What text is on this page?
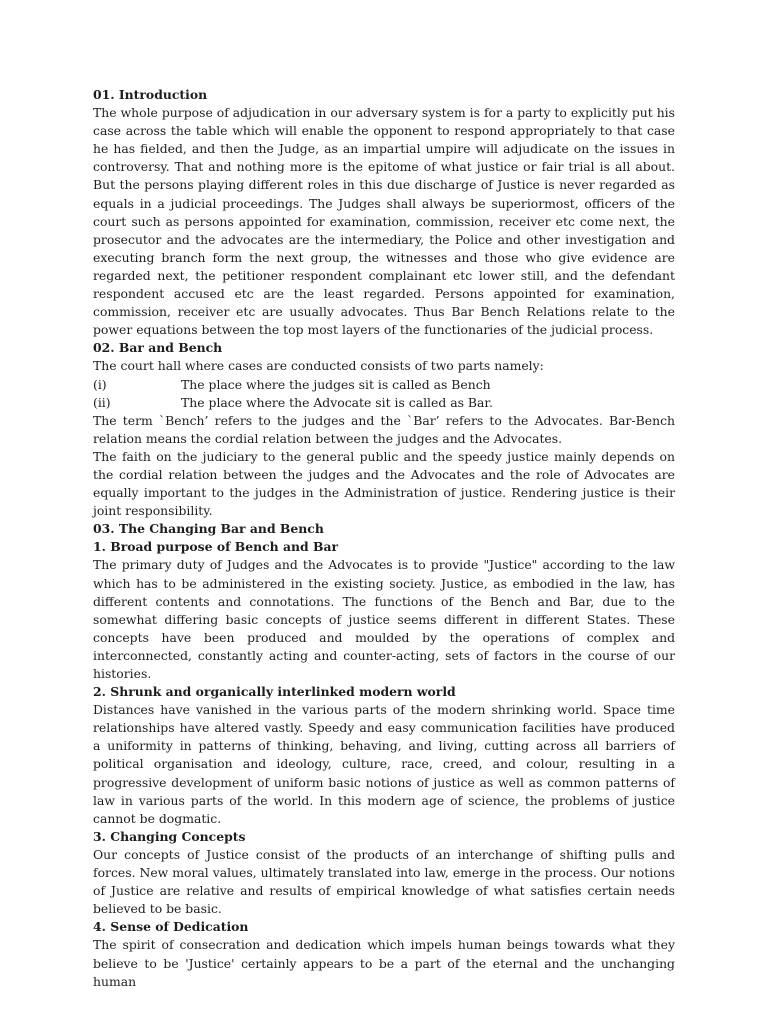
01. Introduction

The whole purpose of adjudication in our adversary system is for a party to explicitly put his case across the table which will enable the opponent to respond appropriately to that case he has fielded, and then the Judge, as an impartial umpire will adjudicate on the issues in controversy. That and nothing more is the epitome of what justice or fair trial is all about. But the persons playing different roles in this due discharge of Justice is never regarded as equals in a judicial proceedings. The Judges shall always be superiormost, officers of the court such as persons appointed for examination, commission, receiver etc come next, the prosecutor and the advocates are the intermediary, the Police and other investigation and executing branch form the next group, the witnesses and those who give evidence are regarded next, the petitioner respondent complainant etc lower still, and the defendant respondent accused etc are the least regarded. Persons appointed for examination, commission, receiver etc are usually advocates. Thus Bar Bench Relations relate to the power equations between the top most layers of the functionaries of the judicial process.

02. Bar and Bench

The court hall where cases are conducted consists of two parts namely:

(i)	The place where the judges sit is called as Bench
(ii)	The place where the Advocate sit is called as Bar.

The term `Bench’ refers to the judges and the `Bar’ refers to the Advocates. Bar-Bench relation means the cordial relation between the judges and the Advocates.

The faith on the judiciary to the general public and the speedy justice mainly depends on the cordial relation between the judges and the Advocates and the role of Advocates are equally important to the judges in the Administration of justice. Rendering justice is their joint responsibility.

03. The Changing Bar and Bench

1. Broad purpose of Bench and Bar

The primary duty of Judges and the Advocates is to provide "Justice" according to the law which has to be administered in the existing society. Justice, as embodied in the law, has different contents and connotations. The functions of the Bench and Bar, due to the somewhat differing basic concepts of justice seems different in different States. These concepts have been produced and moulded by the operations of complex and interconnected, constantly acting and counter-acting, sets of factors in the course of our histories.

2. Shrunk and organically interlinked modern world

Distances have vanished in the various parts of the modern shrinking world. Space time relationships have altered vastly. Speedy and easy communication facilities have produced a uniformity in patterns of thinking, behaving, and living, cutting across all barriers of political organisation and ideology, culture, race, creed, and colour, resulting in a progressive development of uniform basic notions of justice as well as common patterns of law in various parts of the world. In this modern age of science, the problems of justice cannot be dogmatic.

3. Changing Concepts

Our concepts of Justice consist of the products of an interchange of shifting pulls and forces. New moral values, ultimately translated into law, emerge in the process. Our notions of Justice are relative and results of empirical knowledge of what satisfies certain needs believed to be basic.

4. Sense of Dedication

The spirit of consecration and dedication which impels human beings towards what they believe to be 'Justice' certainly appears to be a part of the eternal and the unchanging human
